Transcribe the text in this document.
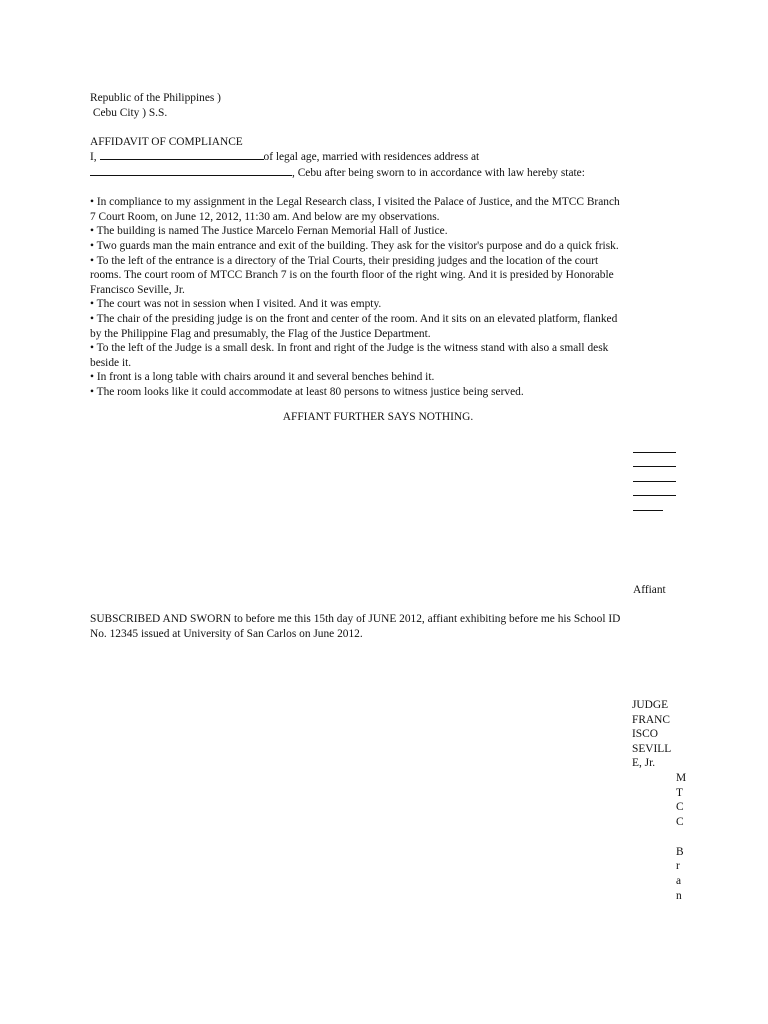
Republic of the Philippines )
Cebu City ) S.S.
AFFIDAVIT OF COMPLIANCE
I,	of legal age, married with residences address at
, Cebu after being sworn to in accordance with law hereby state:
• In compliance to my assignment in the Legal Research class, I visited the Palace of Justice, and the MTCC Branch
7 Court Room, on June 12, 2012, 11:30 am. And below are my observations.
• The building is named The Justice Marcelo Fernan Memorial Hall of Justice.
• Two guards man the main entrance and exit of the building. They ask for the visitor's purpose and do a quick frisk.
• To the left of the entrance is a directory of the Trial Courts, their presiding judges and the location of the court
rooms. The court room of MTCC Branch 7 is on the fourth floor of the right wing. And it is presided by Honorable
Francisco Seville, Jr.
• The court was not in session when I visited. And it was empty.
• The chair of the presiding judge is on the front and center of the room. And it sits on an elevated platform, flanked
by the Philippine Flag and presumably, the Flag of the Justice Department.
• To the left of the Judge is a small desk. In front and right of the Judge is the witness stand with also a small desk
beside it.
• In front is a long table with chairs around it and several benches behind it.
• The room looks like it could accommodate at least 80 persons to witness justice being served.
AFFIANT FURTHER SAYS NOTHING.
Affiant
SUBSCRIBED AND SWORN to before me this 15th day of JUNE 2012, affiant exhibiting before me his School ID
No. 12345 issued at University of San Carlos on June 2012.
JUDGE
FRANC
ISCO
SEVILL
E, Jr.
M
T
C
C
B
r
a
n
